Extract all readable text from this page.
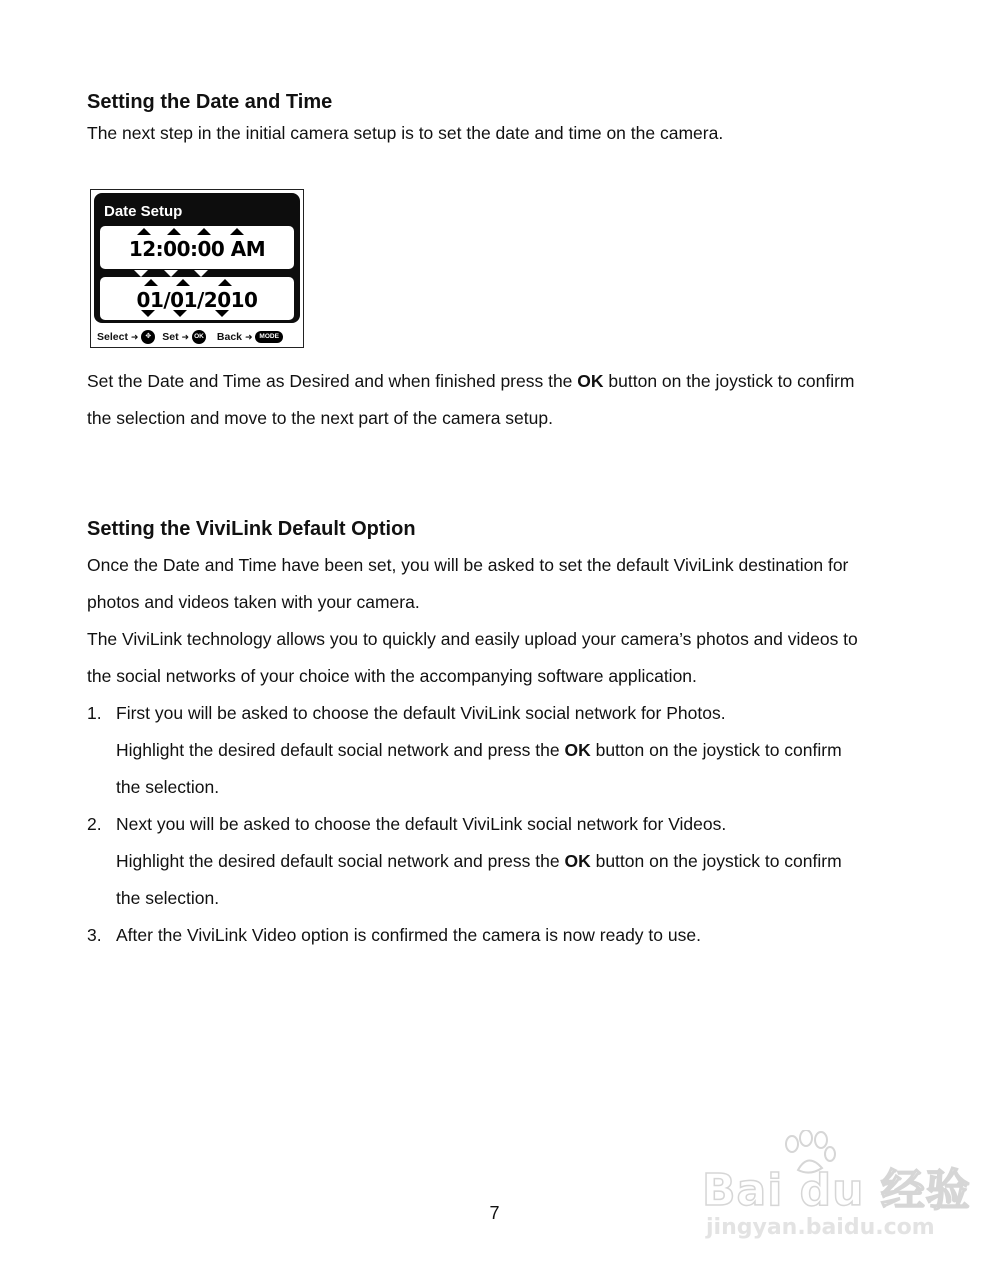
Setting the Date and Time
The next step in the initial camera setup is to set the date and time on the camera.
Date Setup
12:00:00 AM
01/01/2010
Select ➜ ✥ Set ➜ OK Back ➜ MODE
Set the Date and Time as Desired and when finished press the OK button on the joystick to confirm
the selection and move to the next part of the camera setup.
Setting the ViviLink Default Option
Once the Date and Time have been set, you will be asked to set the default ViviLink destination for
photos and videos taken with your camera.
The ViviLink technology allows you to quickly and easily upload your camera’s photos and videos to
the social networks of your choice with the accompanying software application.
1. First you will be asked to choose the default ViviLink social network for Photos.
Highlight the desired default social network and press the OK button on the joystick to confirm
the selection.
2. Next you will be asked to choose the default ViviLink social network for Videos.
Highlight the desired default social network and press the OK button on the joystick to confirm
the selection.
3. After the ViviLink Video option is confirmed the camera is now ready to use.
7	Bai du 经验
jingyan.baidu.com
